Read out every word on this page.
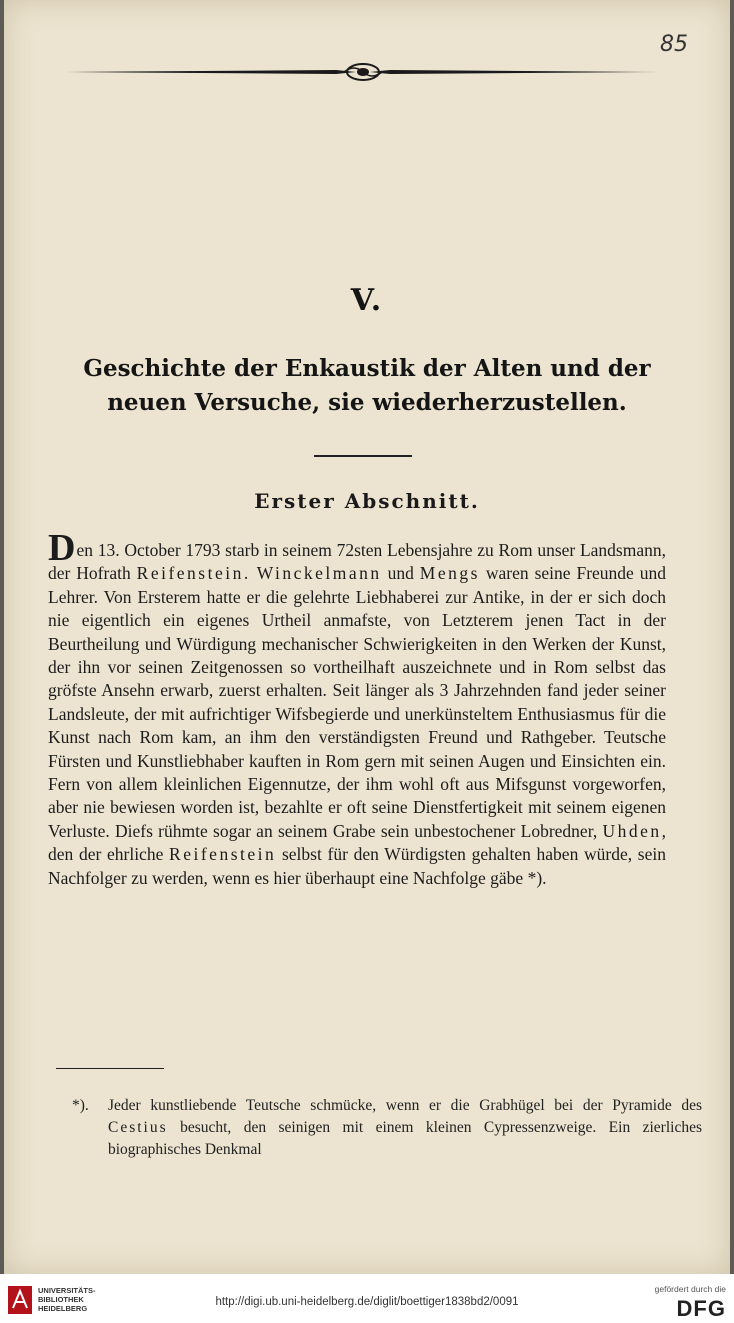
85
V.
Geschichte der Enkaustik der Alten und der
neuen Versuche, sie wiederherzustellen.
Erster Abschnitt.
Den 13. October 1793 starb in seinem 72sten Lebensjahre zu Rom unser Landsmann, der Hofrath Reifenstein. Winckelmann und Mengs waren seine Freunde und Lehrer. Von Ersterem hatte er die gelehrte Liebhaberei zur Antike, in der er sich doch nie eigentlich ein eigenes Urtheil anmafste, von Letzterem jenen Tact in der Beurtheilung und Würdigung mechanischer Schwierigkeiten in den Werken der Kunst, der ihn vor seinen Zeitgenossen so vortheilhaft auszeichnete und in Rom selbst das gröfste Ansehn erwarb, zuerst erhalten. Seit länger als 3 Jahrzehnden fand jeder seiner Landsleute, der mit aufrichtiger Wifsbegierde und unerkünsteltem Enthusiasmus für die Kunst nach Rom kam, an ihm den verständigsten Freund und Rathgeber. Teutsche Fürsten und Kunstliebhaber kauften in Rom gern mit seinen Augen und Einsichten ein. Fern von allem kleinlichen Eigennutze, der ihm wohl oft aus Mifsgunst vorgeworfen, aber nie bewiesen worden ist, bezahlte er oft seine Dienstfertigkeit mit seinem eigenen Verluste. Diefs rühmte sogar an seinem Grabe sein unbestochener Lobredner, Uhden, den der ehrliche Reifenstein selbst für den Würdigsten gehalten haben würde, sein Nachfolger zu werden, wenn es hier überhaupt eine Nachfolge gäbe *).
*). Jeder kunstliebende Teutsche schmücke, wenn er die Grabhügel bei der Pyramide des Cestius besucht, den seinigen mit einem kleinen Cypressenzweige. Ein zierliches biographisches Denkmal
UNIVERSITÄTS-
BIBLIOTHEK
HEIDELBERG
http://digi.ub.uni-heidelberg.de/diglit/boettiger1838bd2/0091
gefördert durch die
DFG
